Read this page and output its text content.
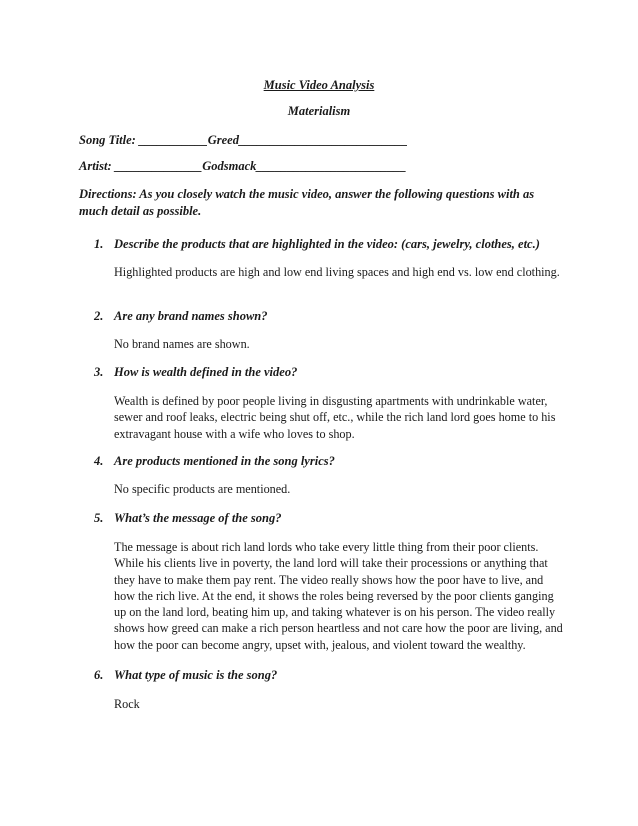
Music Video Analysis
Materialism
Song Title: ___________Greed___________________________
Artist: ______________Godsmack________________________
Directions: As you closely watch the music video, answer the following questions with as much detail as possible.
1. Describe the products that are highlighted in the video: (cars, jewelry, clothes, etc.)
Highlighted products are high and low end living spaces and high end vs. low end clothing.
2. Are any brand names shown?
No brand names are shown.
3. How is wealth defined in the video?
Wealth is defined by poor people living in disgusting apartments with undrinkable water, sewer and roof leaks, electric being shut off, etc., while the rich land lord goes home to his extravagant house with a wife who loves to shop.
4. Are products mentioned in the song lyrics?
No specific products are mentioned.
5. What’s the message of the song?
The message is about rich land lords who take every little thing from their poor clients. While his clients live in poverty, the land lord will take their processions or anything that they have to make them pay rent. The video really shows how the poor have to live, and how the rich live. At the end, it shows the roles being reversed by the poor clients ganging up on the land lord, beating him up, and taking whatever is on his person. The video really shows how greed can make a rich person heartless and not care how the poor are living, and how the poor can become angry, upset with, jealous, and violent toward the wealthy.
6. What type of music is the song?
Rock
